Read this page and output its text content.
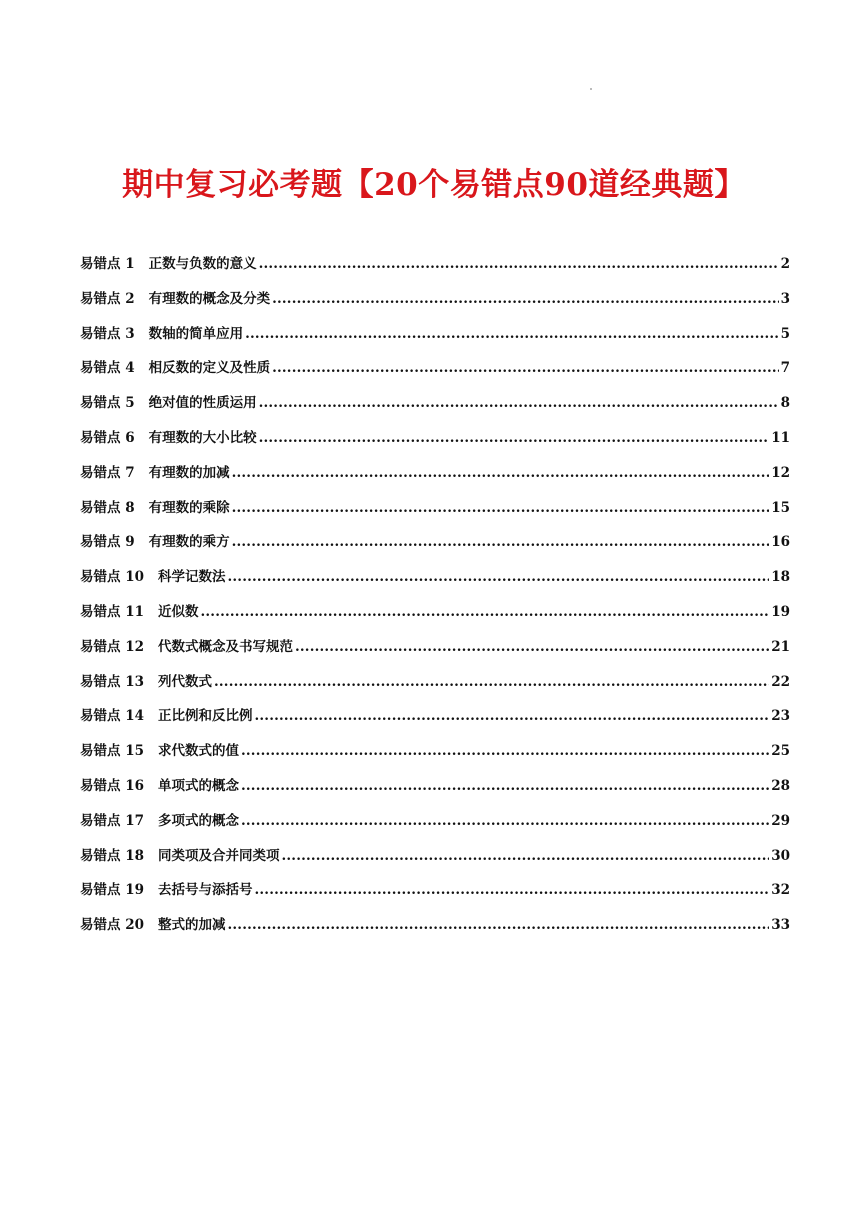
期中复习必考题【20个易错点90道经典题】
易错点 1 正数与负数的意义 .....	2
易错点 2 有理数的概念及分类 .....	3
易错点 3 数轴的简单应用 .....	5
易错点 4 相反数的定义及性质 .....	7
易错点 5 绝对值的性质运用 .....	8
易错点 6 有理数的大小比较 .....	11
易错点 7 有理数的加减 .....	12
易错点 8 有理数的乘除 .....	15
易错点 9 有理数的乘方 .....	16
易错点 10 科学记数法 .....	18
易错点 11 近似数 .....	19
易错点 12 代数式概念及书写规范 .....	21
易错点 13 列代数式 .....	22
易错点 14 正比例和反比例 .....	23
易错点 15 求代数式的值 .....	25
易错点 16 单项式的概念 .....	28
易错点 17 多项式的概念 .....	29
易错点 18 同类项及合并同类项 .....	30
易错点 19 去括号与添括号 .....	32
易错点 20 整式的加减 .....	33
